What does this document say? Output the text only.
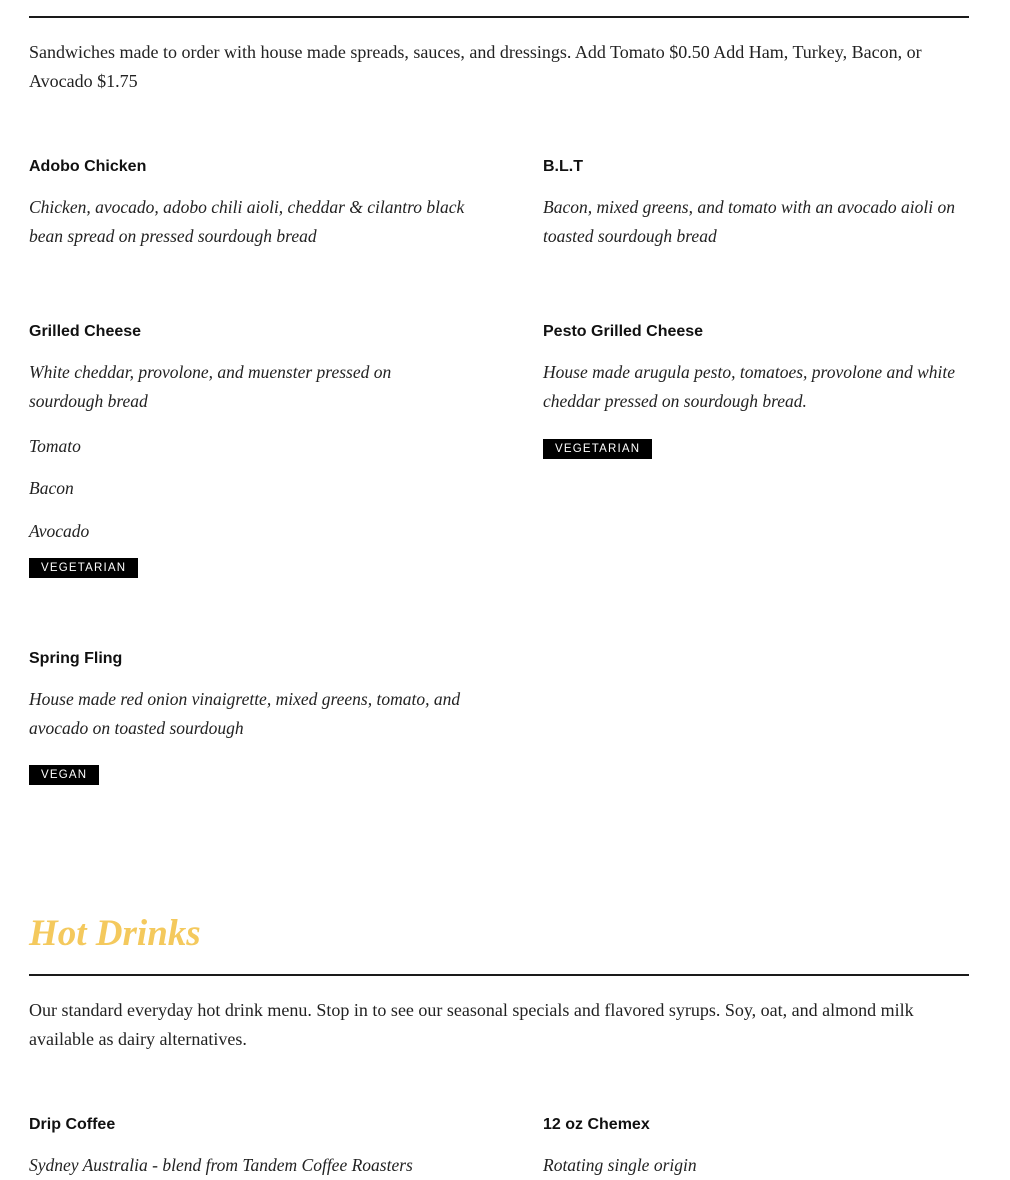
Sandwiches made to order with house made spreads, sauces, and dressings. Add Tomato $0.50 Add Ham, Turkey, Bacon, or Avocado $1.75

Adobo Chicken

Chicken, avocado, adobo chili aioli, cheddar & cilantro black bean spread on pressed sourdough bread

B.L.T

Bacon, mixed greens, and tomato with an avocado aioli on toasted sourdough bread

Grilled Cheese

White cheddar, provolone, and muenster pressed on sourdough bread

Tomato

Bacon

Avocado

VEGETARIAN
Pesto Grilled Cheese

House made arugula pesto, tomatoes, provolone and white cheddar pressed on sourdough bread.

VEGETARIAN
Spring Fling

House made red onion vinaigrette, mixed greens, tomato, and avocado on toasted sourdough

VEGAN
Hot Drinks

Our standard everyday hot drink menu. Stop in to see our seasonal specials and flavored syrups. Soy, oat, and almond milk available as dairy alternatives.

Drip Coffee

Sydney Australia - blend from Tandem Coffee Roasters

12 oz Chemex

Rotating single origin
